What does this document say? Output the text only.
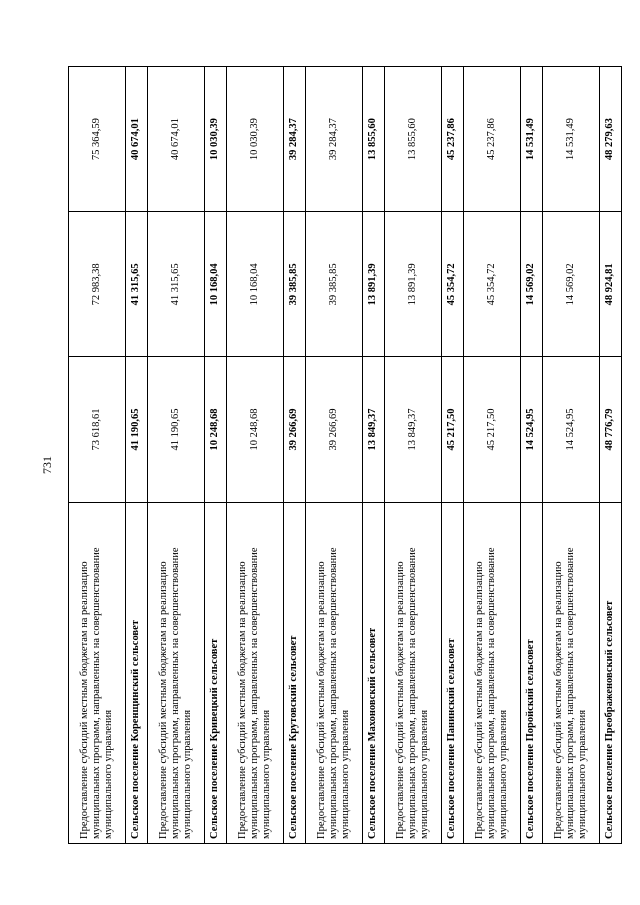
731
Предоставление субсидий местным бюджетам на реализацию муниципальных программ, направленных на совершенствование муниципального управления	73 618,61	72 983,38	75 364,59
Сельское поселение Коренщинский сельсовет	41 190,65	41 315,65	40 674,01
Предоставление субсидий местным бюджетам на реализацию муниципальных программ, направленных на совершенствование муниципального управления	41 190,65	41 315,65	40 674,01
Сельское поселение Кривецкий сельсовет	10 248,68	10 168,04	10 030,39
Предоставление субсидий местным бюджетам на реализацию муниципальных программ, направленных на совершенствование муниципального управления	10 248,68	10 168,04	10 030,39
Сельское поселение Крутовский сельсовет	39 266,69	39 385,85	39 284,37
Предоставление субсидий местным бюджетам на реализацию муниципальных программ, направленных на совершенствование муниципального управления	39 266,69	39 385,85	39 284,37
Сельское поселение Махоновский сельсовет	13 849,37	13 891,39	13 855,60
Предоставление субсидий местным бюджетам на реализацию муниципальных программ, направленных на совершенствование муниципального управления	13 849,37	13 891,39	13 855,60
Сельское поселение Панинский сельсовет	45 217,50	45 354,72	45 237,86
Предоставление субсидий местным бюджетам на реализацию муниципальных программ, направленных на совершенствование муниципального управления	45 217,50	45 354,72	45 237,86
Сельское поселение Поройский сельсовет	14 524,95	14 569,02	14 531,49
Предоставление субсидий местным бюджетам на реализацию муниципальных программ, направленных на совершенствование муниципального управления	14 524,95	14 569,02	14 531,49
Сельское поселение Преображеновский сельсовет	48 776,79	48 924,81	48 279,63
